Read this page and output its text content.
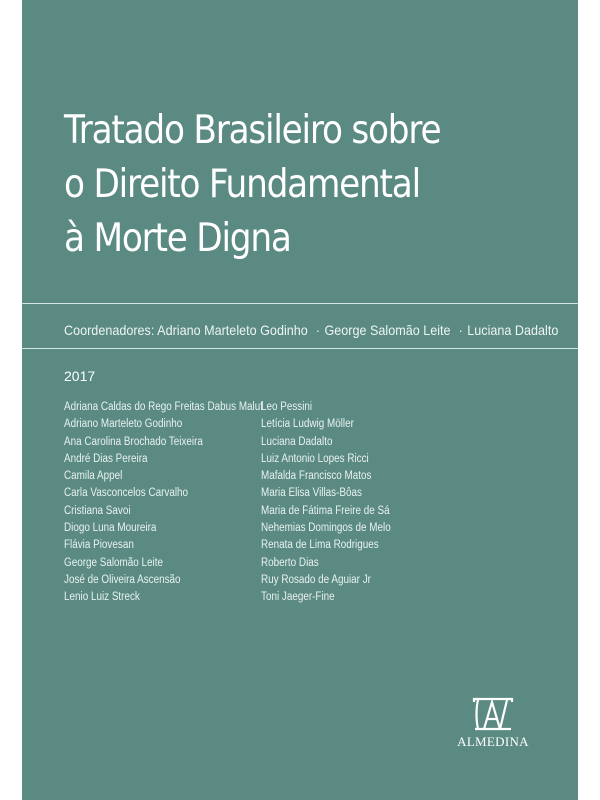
Tratado Brasileiro sobre
o Direito Fundamental
à Morte Digna
Coordenadores: Adriano Marteleto Godinho · George Salomão Leite · Luciana Dadalto
2017
Adriana Caldas do Rego Freitas Dabus Maluf
Adriano Marteleto Godinho
Ana Carolina Brochado Teixeira
André Dias Pereira
Camila Appel
Carla Vasconcelos Carvalho
Cristiana Savoi
Diogo Luna Moureira
Flávia Piovesan
George Salomão Leite
José de Oliveira Ascensão
Lenio Luiz Streck
Leo Pessini
Letícia Ludwig Möller
Luciana Dadalto
Luiz Antonio Lopes Ricci
Mafalda Francisco Matos
Maria Elisa Villas-Bôas
Maria de Fátima Freire de Sá
Nehemias Domingos de Melo
Renata de Lima Rodrigues
Roberto Dias
Ruy Rosado de Aguiar Jr
Toni Jaeger-Fine
ALMEDINA
